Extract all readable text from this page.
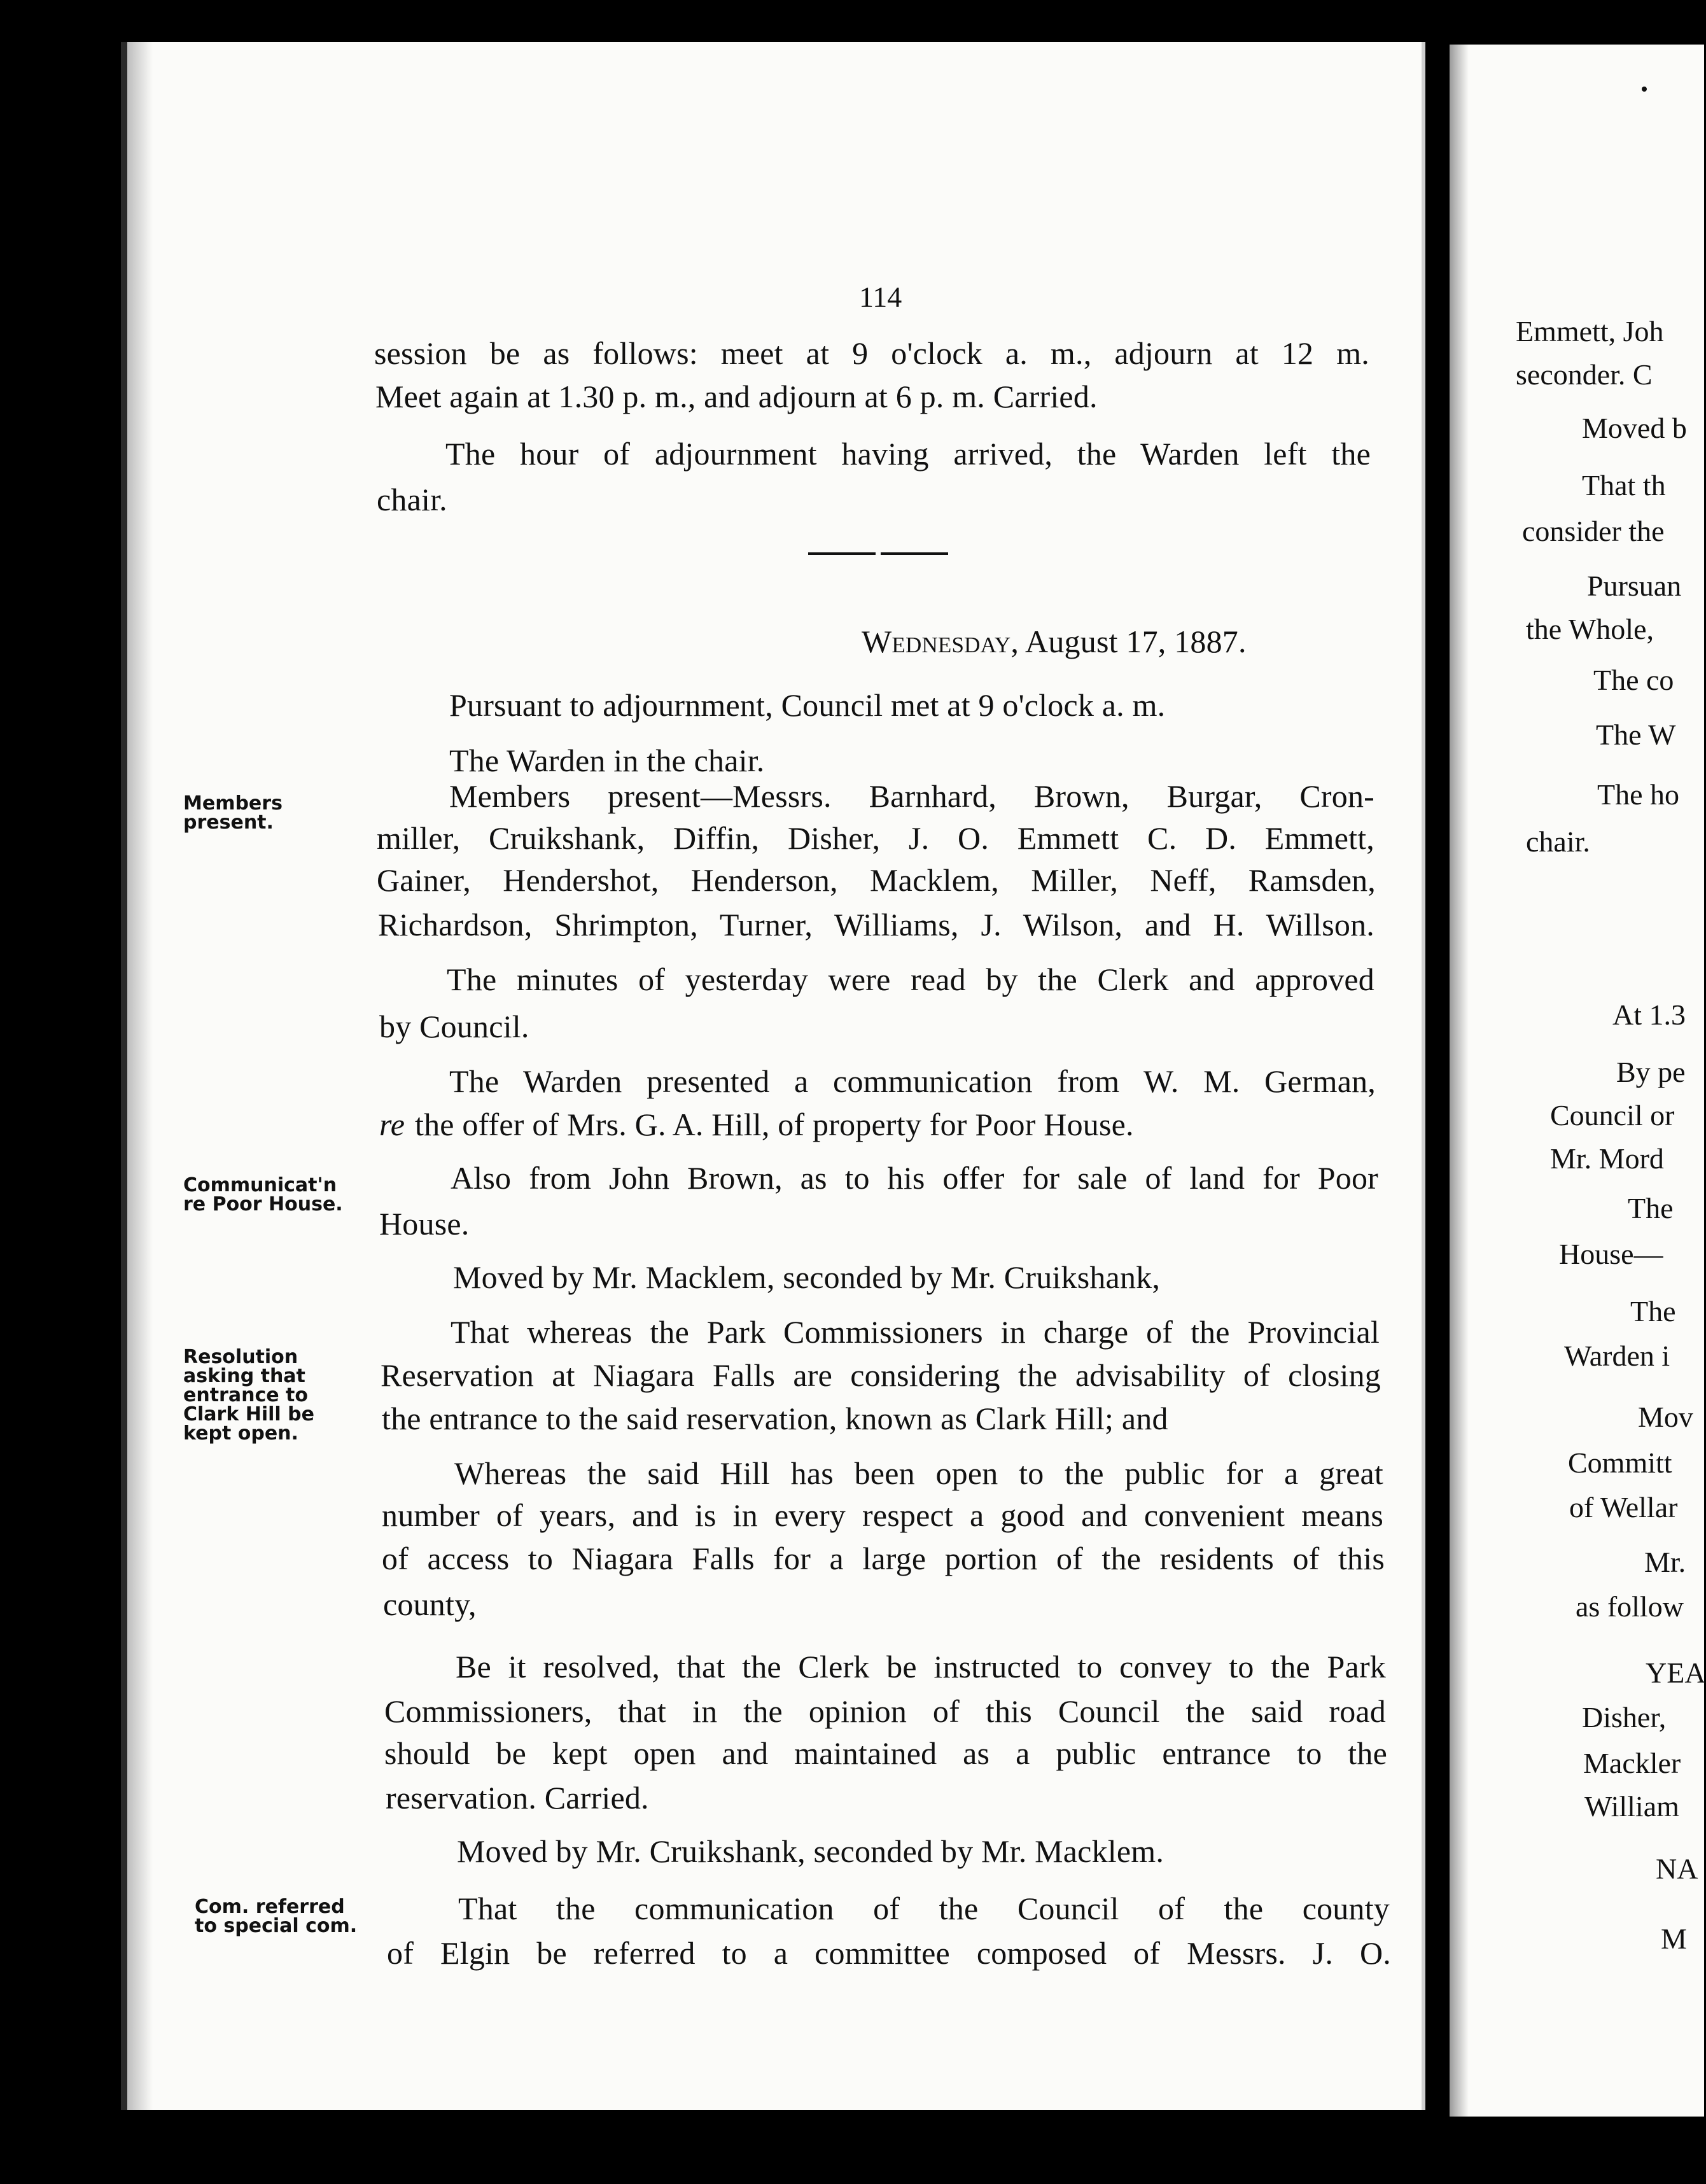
114
session be as follows: meet at 9 o'clock a. m., adjourn at 12 m.
Meet again at 1.30 p. m., and adjourn at 6 p. m. Carried.
The hour of adjournment having arrived, the Warden left the
chair.
Pursuant to adjournment, Council met at 9 o'clock a. m.
The Warden in the chair.
Members present—Messrs. Barnhard, Brown, Burgar, Cron-
miller, Cruikshank, Diffin, Disher, J. O. Emmett C. D. Emmett,
Gainer, Hendershot, Henderson, Macklem, Miller, Neff, Ramsden,
Richardson, Shrimpton, Turner, Williams, J. Wilson, and H. Willson.
The minutes of yesterday were read by the Clerk and approved
by Council.
The Warden presented a communication from W. M. German,
re the offer of Mrs. G. A. Hill, of property for Poor House.
Also from John Brown, as to his offer for sale of land for Poor
House.
Moved by Mr. Macklem, seconded by Mr. Cruikshank,
That whereas the Park Commissioners in charge of the Provincial
Reservation at Niagara Falls are considering the advisability of closing
the entrance to the said reservation, known as Clark Hill; and
Whereas the said Hill has been open to the public for a great
number of years, and is in every respect a good and convenient means
of access to Niagara Falls for a large portion of the residents of this
county,
Be it resolved, that the Clerk be instructed to convey to the Park
Commissioners, that in the opinion of this Council the said road
should be kept open and maintained as a public entrance to the
reservation. Carried.
Moved by Mr. Cruikshank, seconded by Mr. Macklem.
That the communication of the Council of the county
of Elgin be referred to a committee composed of Messrs. J. O.
Wednesday, August 17, 1887.
Members
present.
Communicat'n
re Poor House.
Resolution
asking that
entrance to
Clark Hill be
kept open.
Com. referred
to special com.
Emmett, Joh
seconder. C
Moved b
That th
consider the
Pursuan
the Whole,
The co
The W
The ho
chair.
At 1.3
By pe
Council or
Mr. Mord
The
House—
The
Warden i
Mov
Committ
of Wellar
Mr.
as follow
YEA
Disher,
Mackler
William
NA
M
